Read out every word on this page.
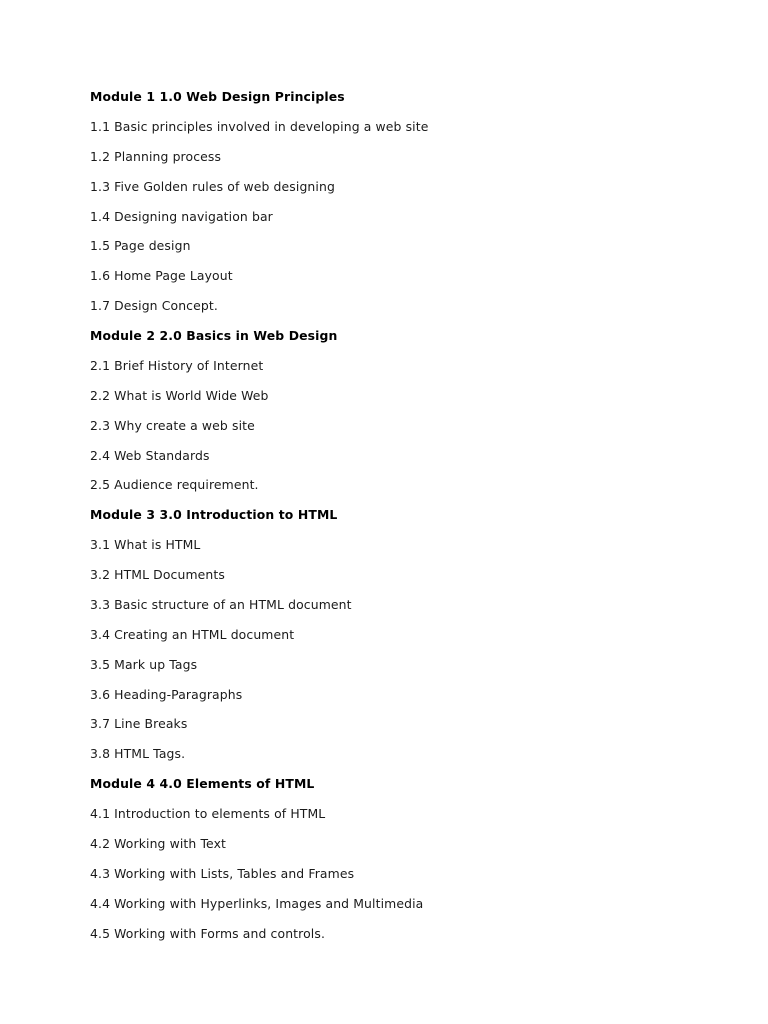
Module 1 1.0 Web Design Principles

1.1 Basic principles involved in developing a web site

1.2 Planning process

1.3 Five Golden rules of web designing

1.4 Designing navigation bar

1.5 Page design

1.6 Home Page Layout

1.7 Design Concept.

Module 2 2.0 Basics in Web Design

2.1 Brief History of Internet

2.2 What is World Wide Web

2.3 Why create a web site

2.4 Web Standards

2.5 Audience requirement.

Module 3 3.0 Introduction to HTML

3.1 What is HTML

3.2 HTML Documents

3.3 Basic structure of an HTML document

3.4 Creating an HTML document

3.5 Mark up Tags

3.6 Heading-Paragraphs

3.7 Line Breaks

3.8 HTML Tags.

Module 4 4.0 Elements of HTML

4.1 Introduction to elements of HTML

4.2 Working with Text

4.3 Working with Lists, Tables and Frames

4.4 Working with Hyperlinks, Images and Multimedia

4.5 Working with Forms and controls.
